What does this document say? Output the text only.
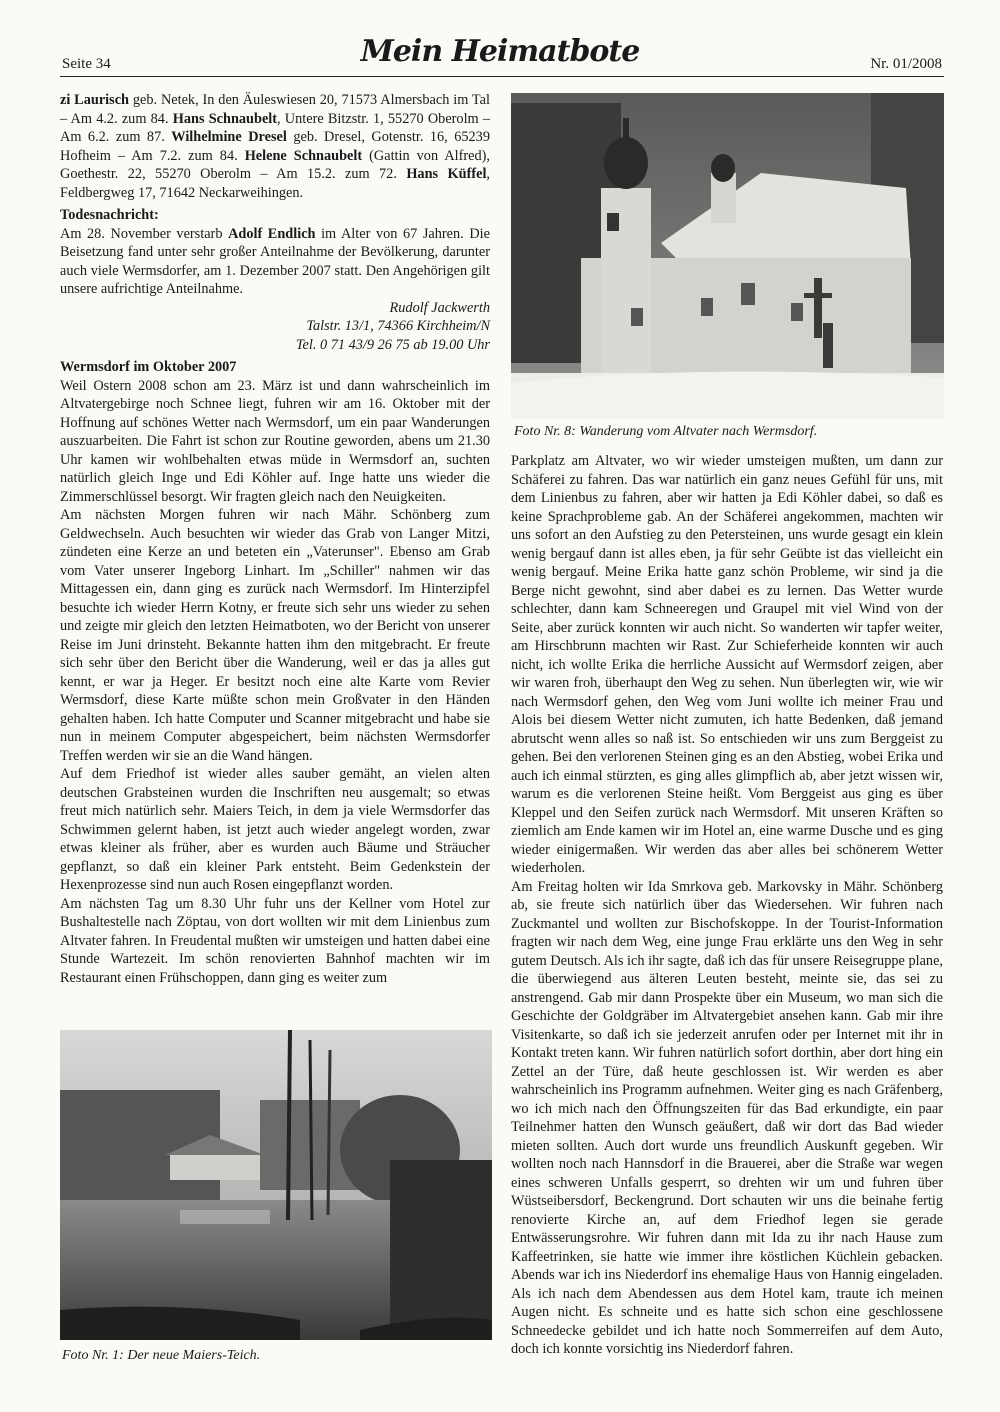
Seite 34	Mein Heimatbote	Nr. 01/2008

zi Laurisch geb. Netek, In den Äuleswiesen 20, 71573 Almersbach im Tal – Am 4.2. zum 84. Hans Schnaubelt, Untere Bitzstr. 1, 55270 Oberolm – Am 6.2. zum 87. Wilhelmine Dresel geb. Dresel, Gotenstr. 16, 65239 Hofheim – Am 7.2. zum 84. Helene Schnaubelt (Gattin von Alfred), Goethestr. 22, 55270 Oberolm – Am 15.2. zum 72. Hans Küffel, Feldbergweg 17, 71642 Neckarweihingen.

Todesnachricht:

Am 28. November verstarb Adolf Endlich im Alter von 67 Jahren. Die Beisetzung fand unter sehr großer Anteilnahme der Bevölkerung, darunter auch viele Wermsdorfer, am 1. Dezember 2007 statt. Den Angehörigen gilt unsere aufrichtige Anteilnahme.

Rudolf Jackwerth

Talstr. 13/1, 74366 Kirchheim/N

Tel. 0 71 43/9 26 75 ab 19.00 Uhr

Wermsdorf im Oktober 2007

Weil Ostern 2008 schon am 23. März ist und dann wahrscheinlich im Altvatergebirge noch Schnee liegt, fuhren wir am 16. Oktober mit der Hoffnung auf schönes Wetter nach Wermsdorf, um ein paar Wanderungen auszuarbeiten. Die Fahrt ist schon zur Routine geworden, abens um 21.30 Uhr kamen wir wohlbehalten etwas müde in Wermsdorf an, suchten natürlich gleich Inge und Edi Köhler auf. Inge hatte uns wieder die Zimmerschlüssel besorgt. Wir fragten gleich nach den Neuigkeiten.

Am nächsten Morgen fuhren wir nach Mähr. Schönberg zum Geldwechseln. Auch besuchten wir wieder das Grab von Langer Mitzi, zündeten eine Kerze an und beteten ein „Vaterunser". Ebenso am Grab vom Vater unserer Ingeborg Linhart. Im „Schiller" nahmen wir das Mittagessen ein, dann ging es zurück nach Wermsdorf. Im Hinterzipfel besuchte ich wieder Herrn Kotny, er freute sich sehr uns wieder zu sehen und zeigte mir gleich den letzten Heimatboten, wo der Bericht von unserer Reise im Juni drinsteht. Bekannte hatten ihm den mitgebracht. Er freute sich sehr über den Bericht über die Wanderung, weil er das ja alles gut kennt, er war ja Heger. Er besitzt noch eine alte Karte vom Revier Wermsdorf, diese Karte müßte schon mein Großvater in den Händen gehalten haben. Ich hatte Computer und Scanner mitgebracht und habe sie nun in meinem Computer abgespeichert, beim nächsten Wermsdorfer Treffen werden wir sie an die Wand hängen.

Auf dem Friedhof ist wieder alles sauber gemäht, an vielen alten deutschen Grabsteinen wurden die Inschriften neu ausgemalt; so etwas freut mich natürlich sehr. Maiers Teich, in dem ja viele Wermsdorfer das Schwimmen gelernt haben, ist jetzt auch wieder angelegt worden, zwar etwas kleiner als früher, aber es wurden auch Bäume und Sträucher gepflanzt, so daß ein kleiner Park entsteht. Beim Gedenkstein der Hexenprozesse sind nun auch Rosen eingepflanzt worden.

Am nächsten Tag um 8.30 Uhr fuhr uns der Kellner vom Hotel zur Bushaltestelle nach Zöptau, von dort wollten wir mit dem Linienbus zum Altvater fahren. In Freudental mußten wir umsteigen und hatten dabei eine Stunde Wartezeit. Im schön renovierten Bahnhof machten wir im Restaurant einen Frühschoppen, dann ging es weiter zum

Foto Nr. 1: Der neue Maiers-Teich.
Foto Nr. 8: Wanderung vom Altvater nach Wermsdorf.

Parkplatz am Altvater, wo wir wieder umsteigen mußten, um dann zur Schäferei zu fahren. Das war natürlich ein ganz neues Gefühl für uns, mit dem Linienbus zu fahren, aber wir hatten ja Edi Köhler dabei, so daß es keine Sprachprobleme gab. An der Schäferei angekommen, machten wir uns sofort an den Aufstieg zu den Petersteinen, uns wurde gesagt ein klein wenig bergauf dann ist alles eben, ja für sehr Geübte ist das vielleicht ein wenig bergauf. Meine Erika hatte ganz schön Probleme, wir sind ja die Berge nicht gewohnt, sind aber dabei es zu lernen. Das Wetter wurde schlechter, dann kam Schneeregen und Graupel mit viel Wind von der Seite, aber zurück konnten wir auch nicht. So wanderten wir tapfer weiter, am Hirschbrunn machten wir Rast. Zur Schieferheide konnten wir auch nicht, ich wollte Erika die herrliche Aussicht auf Wermsdorf zeigen, aber wir waren froh, überhaupt den Weg zu sehen. Nun überlegten wir, wie wir nach Wermsdorf gehen, den Weg vom Juni wollte ich meiner Frau und Alois bei diesem Wetter nicht zumuten, ich hatte Bedenken, daß jemand abrutscht wenn alles so naß ist. So entschieden wir uns zum Berggeist zu gehen. Bei den verlorenen Steinen ging es an den Abstieg, wobei Erika und auch ich einmal stürzten, es ging alles glimpflich ab, aber jetzt wissen wir, warum es die verlorenen Steine heißt. Vom Berggeist aus ging es über Kleppel und den Seifen zurück nach Wermsdorf. Mit unseren Kräften so ziemlich am Ende kamen wir im Hotel an, eine warme Dusche und es ging wieder einigermaßen. Wir werden das aber alles bei schönerem Wetter wiederholen.

Am Freitag holten wir Ida Smrkova geb. Markovsky in Mähr. Schönberg ab, sie freute sich natürlich über das Wiedersehen. Wir fuhren nach Zuckmantel und wollten zur Bischofskoppe. In der Tourist-Information fragten wir nach dem Weg, eine junge Frau erklärte uns den Weg in sehr gutem Deutsch. Als ich ihr sagte, daß ich das für unsere Reisegruppe plane, die überwiegend aus älteren Leuten besteht, meinte sie, das sei zu anstrengend. Gab mir dann Prospekte über ein Museum, wo man sich die Geschichte der Goldgräber im Altvatergebiet ansehen kann. Gab mir ihre Visitenkarte, so daß ich sie jederzeit anrufen oder per Internet mit ihr in Kontakt treten kann. Wir fuhren natürlich sofort dorthin, aber dort hing ein Zettel an der Türe, daß heute geschlossen ist. Wir werden es aber wahrscheinlich ins Programm aufnehmen. Weiter ging es nach Gräfenberg, wo ich mich nach den Öffnungszeiten für das Bad erkundigte, ein paar Teilnehmer hatten den Wunsch geäußert, daß wir dort das Bad wieder mieten sollten. Auch dort wurde uns freundlich Auskunft gegeben. Wir wollten noch nach Hannsdorf in die Brauerei, aber die Straße war wegen eines schweren Unfalls gesperrt, so drehten wir um und fuhren über Wüstseibersdorf, Beckengrund. Dort schauten wir uns die beinahe fertig renovierte Kirche an, auf dem Friedhof legen sie gerade Entwässerungsrohre. Wir fuhren dann mit Ida zu ihr nach Hause zum Kaffeetrinken, sie hatte wie immer ihre köstlichen Küchlein gebacken. Abends war ich ins Niederdorf ins ehemalige Haus von Hannig eingeladen. Als ich nach dem Abendessen aus dem Hotel kam, traute ich meinen Augen nicht. Es schneite und es hatte sich schon eine geschlossene Schneedecke gebildet und ich hatte noch Sommerreifen auf dem Auto, doch ich konnte vorsichtig ins Niederdorf fahren.
